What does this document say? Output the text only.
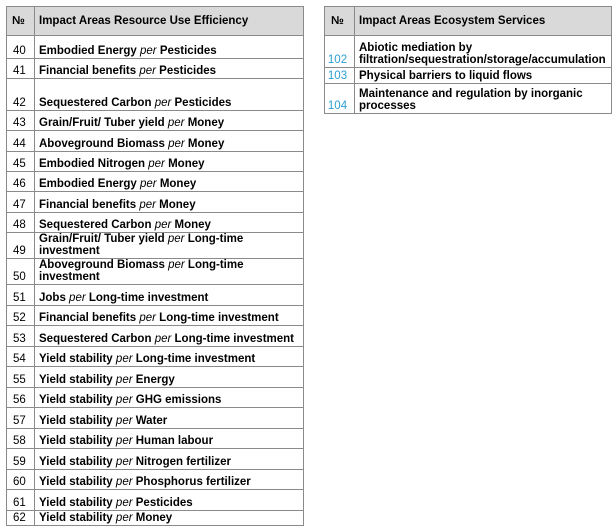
№	Impact Areas Resource Use Efficiency
40	Embodied Energy per Pesticides
41	Financial benefits per Pesticides
42	Sequestered Carbon per Pesticides
43	Grain/Fruit/ Tuber yield per Money
44	Aboveground Biomass per Money
45	Embodied Nitrogen per Money
46	Embodied Energy per Money
47	Financial benefits per Money
48	Sequestered Carbon per Money
49	Grain/Fruit/ Tuber yield per Long-time investment
50	Aboveground Biomass per Long-time investment
51	Jobs per Long-time investment
52	Financial benefits per Long-time investment
53	Sequestered Carbon per Long-time investment
54	Yield stability per Long-time investment
55	Yield stability per Energy
56	Yield stability per GHG emissions
57	Yield stability per Water
58	Yield stability per Human labour
59	Yield stability per Nitrogen fertilizer
60	Yield stability per Phosphorus fertilizer
61	Yield stability per Pesticides
62	Yield stability per Money
№	Impact Areas Ecosystem Services
102	Abiotic mediation by
filtration/sequestration/storage/accumulation
103	Physical barriers to liquid flows
104	Maintenance and regulation by inorganic
processes
